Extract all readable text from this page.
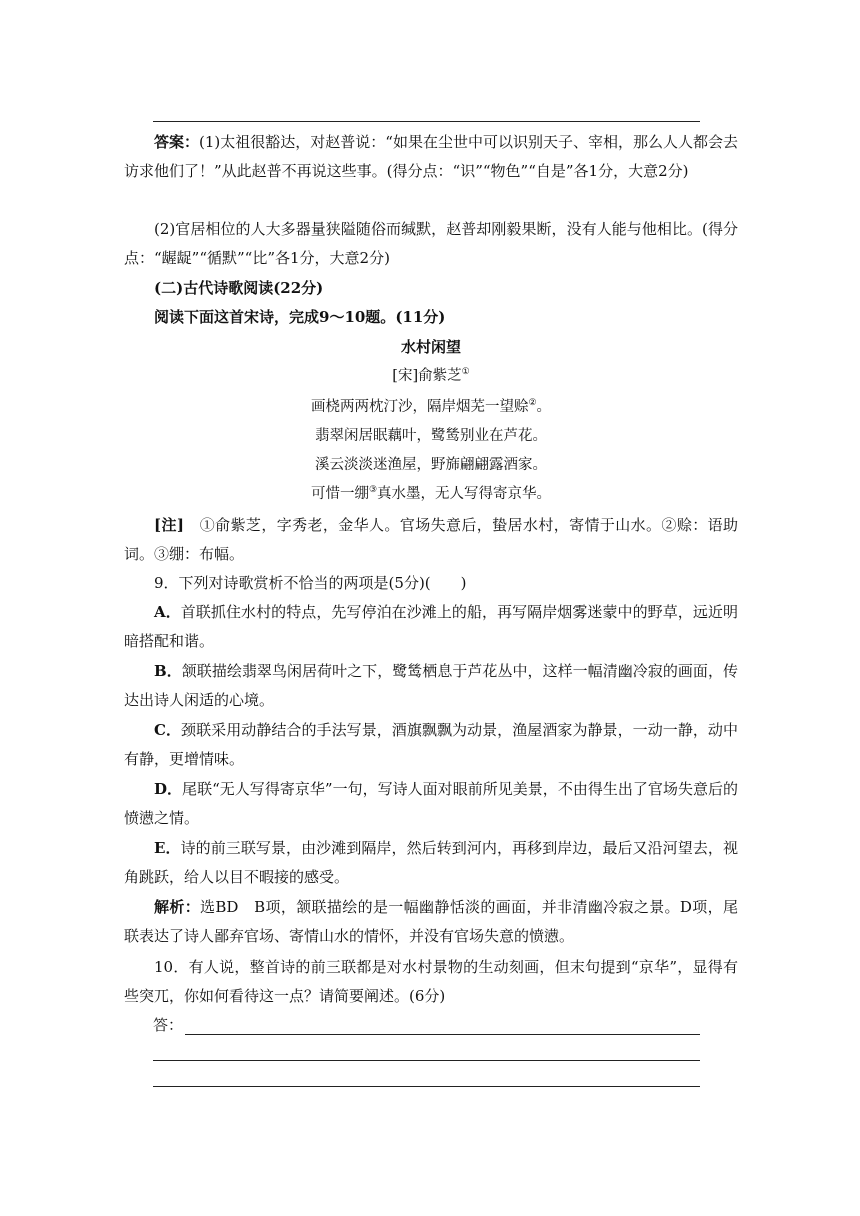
答案：(1)太祖很豁达，对赵普说：“如果在尘世中可以识别天子、宰相，那么人人都会去访求他们了！”从此赵普不再说这些事。(得分点：“识”“物色”“自是”各1分，大意2分)

(2)官居相位的人大多器量狭隘随俗而缄默，赵普却刚毅果断，没有人能与他相比。(得分点：“龌龊”“循默”“比”各1分，大意2分)

(二)古代诗歌阅读(22分)

阅读下面这首宋诗，完成9～10题。(11分)

水村闲望
[宋]俞紫芝①
画桡两两枕汀沙，隔岸烟芜一望赊②。
翡翠闲居眠藕叶，鹭鸶别业在芦花。
溪云淡淡迷渔屋，野旆翩翩露酒家。
可惜一绷③真水墨，无人写得寄京华。

[注]　 ①俞紫芝，字秀老，金华人。官场失意后，蛰居水村，寄情于山水。②赊：语助词。③绷：布幅。

9．下列对诗歌赏析不恰当的两项是(5分)(　　)

A．首联抓住水村的特点，先写停泊在沙滩上的船，再写隔岸烟雾迷蒙中的野草，远近明暗搭配和谐。

B．颔联描绘翡翠鸟闲居荷叶之下，鹭鸶栖息于芦花丛中，这样一幅清幽冷寂的画面，传达出诗人闲适的心境。

C．颈联采用动静结合的手法写景，酒旗飘飘为动景，渔屋酒家为静景，一动一静，动中有静，更增情味。

D．尾联“无人写得寄京华”一句，写诗人面对眼前所见美景，不由得生出了官场失意后的愤懑之情。

E．诗的前三联写景，由沙滩到隔岸，然后转到河内，再移到岸边，最后又沿河望去，视角跳跃，给人以目不暇接的感受。

解析：选BD　B项，颔联描绘的是一幅幽静恬淡的画面，并非清幽冷寂之景。D项，尾联表达了诗人鄙弃官场、寄情山水的情怀，并没有官场失意的愤懑。

10．有人说，整首诗的前三联都是对水村景物的生动刻画，但末句提到“京华”，显得有些突兀，你如何看待这一点？请简要阐述。(6分)

答：
